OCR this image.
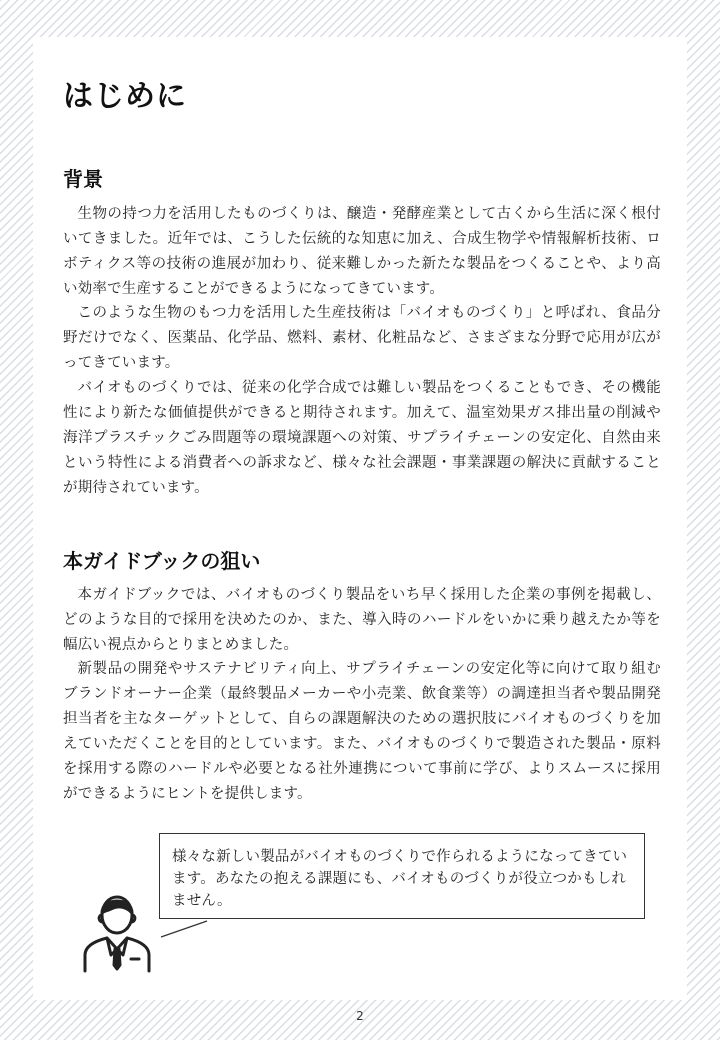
はじめに
背景

生物の持つ力を活用したものづくりは、醸造・発酵産業として古くから生活に深く根付いてきました。近年では、こうした伝統的な知恵に加え、合成生物学や情報解析技術、ロボティクス等の技術の進展が加わり、従来難しかった新たな製品をつくることや、より高い効率で生産することができるようになってきています。

このような生物のもつ力を活用した生産技術は「バイオものづくり」と呼ばれ、食品分野だけでなく、医薬品、化学品、燃料、素材、化粧品など、さまざまな分野で応用が広がってきています。

バイオものづくりでは、従来の化学合成では難しい製品をつくることもでき、その機能性により新たな価値提供ができると期待されます。加えて、温室効果ガス排出量の削減や海洋プラスチックごみ問題等の環境課題への対策、サプライチェーンの安定化、自然由来という特性による消費者への訴求など、様々な社会課題・事業課題の解決に貢献することが期待されています。

本ガイドブックの狙い

本ガイドブックでは、バイオものづくり製品をいち早く採用した企業の事例を掲載し、どのような目的で採用を決めたのか、また、導入時のハードルをいかに乗り越えたか等を幅広い視点からとりまとめました。

新製品の開発やサステナビリティ向上、サプライチェーンの安定化等に向けて取り組むブランドオーナー企業（最終製品メーカーや小売業、飲食業等）の調達担当者や製品開発担当者を主なターゲットとして、自らの課題解決のための選択肢にバイオものづくりを加えていただくことを目的としています。また、バイオものづくりで製造された製品・原料を採用する際のハードルや必要となる社外連携について事前に学び、よりスムースに採用ができるようにヒントを提供します。

様々な新しい製品がバイオものづくりで作られるようになってきています。あなたの抱える課題にも、バイオものづくりが役立つかもしれません。
2
